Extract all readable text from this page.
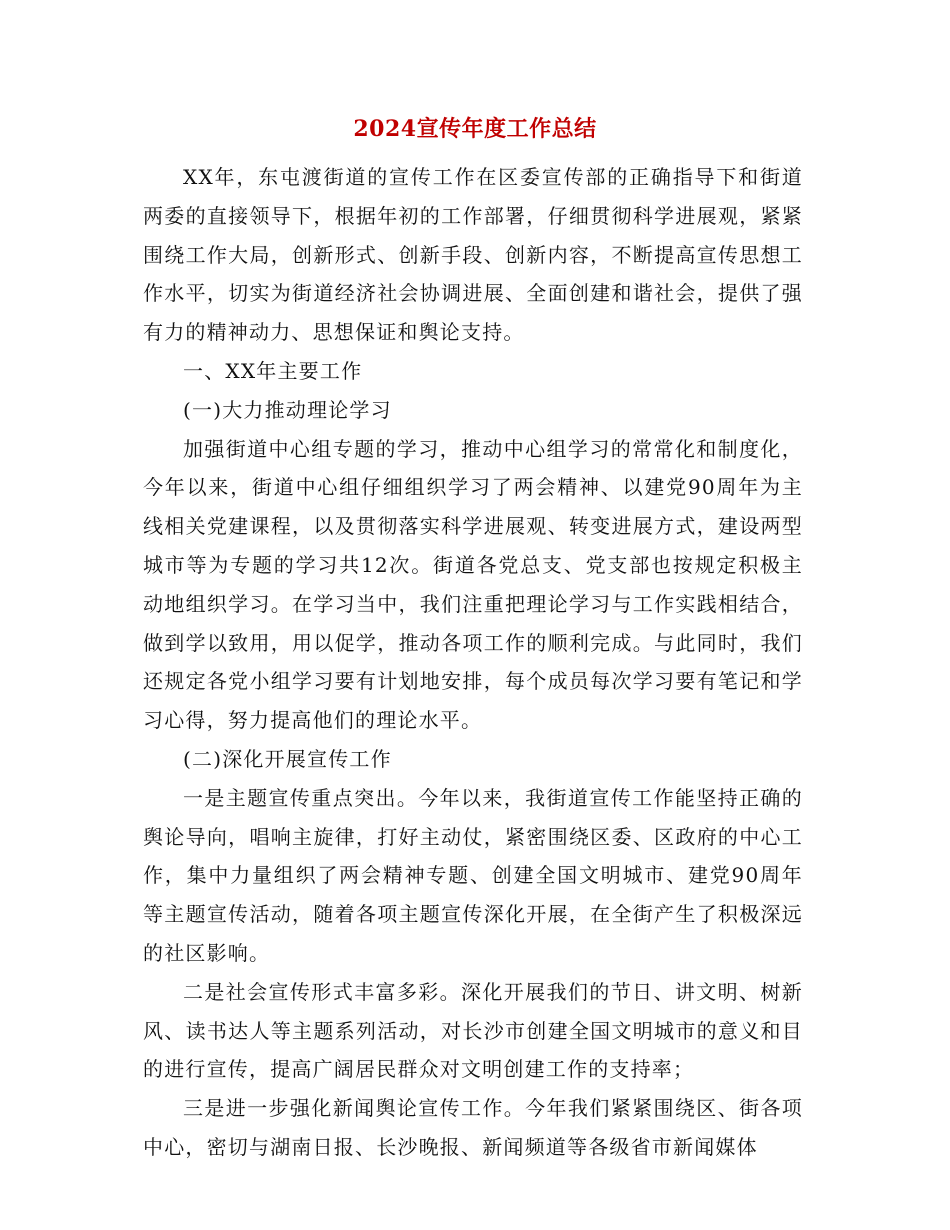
2024宣传年度工作总结

XX年，东屯渡街道的宣传工作在区委宣传部的正确指导下和街道两委的直接领导下，根据年初的工作部署，仔细贯彻科学进展观，紧紧围绕工作大局，创新形式、创新手段、创新内容，不断提高宣传思想工作水平，切实为街道经济社会协调进展、全面创建和谐社会，提供了强有力的精神动力、思想保证和舆论支持。

一、XX年主要工作

(一)大力推动理论学习

加强街道中心组专题的学习，推动中心组学习的常常化和制度化，今年以来，街道中心组仔细组织学习了两会精神、以建党90周年为主线相关党建课程，以及贯彻落实科学进展观、转变进展方式，建设两型城市等为专题的学习共12次。街道各党总支、党支部也按规定积极主动地组织学习。在学习当中，我们注重把理论学习与工作实践相结合，做到学以致用，用以促学，推动各项工作的顺利完成。与此同时，我们还规定各党小组学习要有计划地安排，每个成员每次学习要有笔记和学习心得，努力提高他们的理论水平。

(二)深化开展宣传工作

一是主题宣传重点突出。今年以来，我街道宣传工作能坚持正确的舆论导向，唱响主旋律，打好主动仗，紧密围绕区委、区政府的中心工作，集中力量组织了两会精神专题、创建全国文明城市、建党90周年等主题宣传活动，随着各项主题宣传深化开展，在全街产生了积极深远的社区影响。

二是社会宣传形式丰富多彩。深化开展我们的节日、讲文明、树新风、读书达人等主题系列活动，对长沙市创建全国文明城市的意义和目的进行宣传，提高广阔居民群众对文明创建工作的支持率；

三是进一步强化新闻舆论宣传工作。今年我们紧紧围绕区、街各项中心，密切与湖南日报、长沙晚报、新闻频道等各级省市新闻媒体
